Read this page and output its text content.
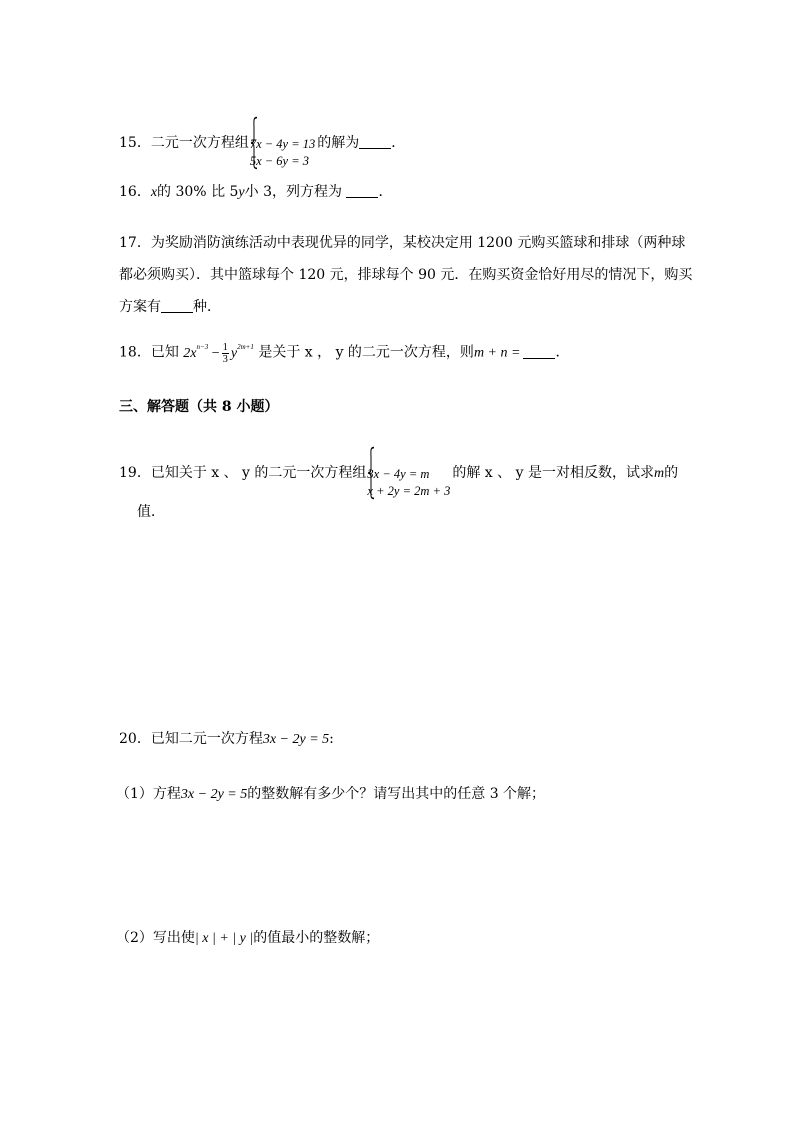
15．二元一次方程组 7x − 4y = 13
5x − 6y = 3
的解为 ．
16．x的 30% 比 5y小 3，列方程为	．
17．为奖励消防演练活动中表现优异的同学，某校决定用 1200 元购买篮球和排球（两种球
都必须购买）．其中篮球每个 120 元，排球每个 90 元．在购买资金恰好用尽的情况下，购买
方案有 种．
18．已知 $2x^{n-3} - \frac{1}{3} y^{2m+1}$ 是关于 x ， y 的二元一次方程，则m + n =	．
三、解答题（共 8 小题）
19．已知关于 x 、 y 的二元一次方程组 3x − 4y = m
x + 2y = 2m + 3
的解 x 、 y 是一对相反数，试求m的
值．
20．已知二元一次方程3x − 2y = 5:
（1）方程3x − 2y = 5的整数解有多少个？请写出其中的任意 3 个解；
（2）写出使| x | + | y |的值最小的整数解；
